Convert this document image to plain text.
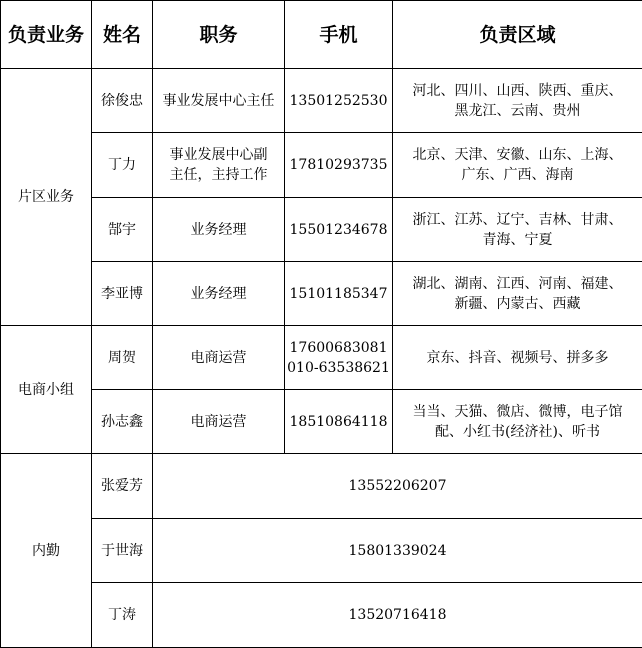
负责业务	姓名	职务	手机	负责区域
片区业务	徐俊忠	事业发展中心主任	13501252530	河北、四川、山西、陕西、重庆、
黑龙江、云南、贵州

	丁力	事业发展中心副
主任，主持工作	17810293735	北京、天津、安徽、山东、上海、
广东、广西、海南

	郜宇	业务经理	15501234678	浙江、江苏、辽宁、吉林、甘肃、
青海、宁夏

	李亚博	业务经理	15101185347	湖北、湖南、江西、河南、福建、
新疆、内蒙古、西藏

电商小组	周贺	电商运营	17600683081
010-63538621	京东、抖音、视频号、拼多多

	孙志鑫	电商运营	18510864118	当当、天猫、微店、微博，电子馆
配、小红书(经济社)、听书

内勤	张爱芳	13552206207		
	于世海	15801339024		
	丁涛	13520716418		
